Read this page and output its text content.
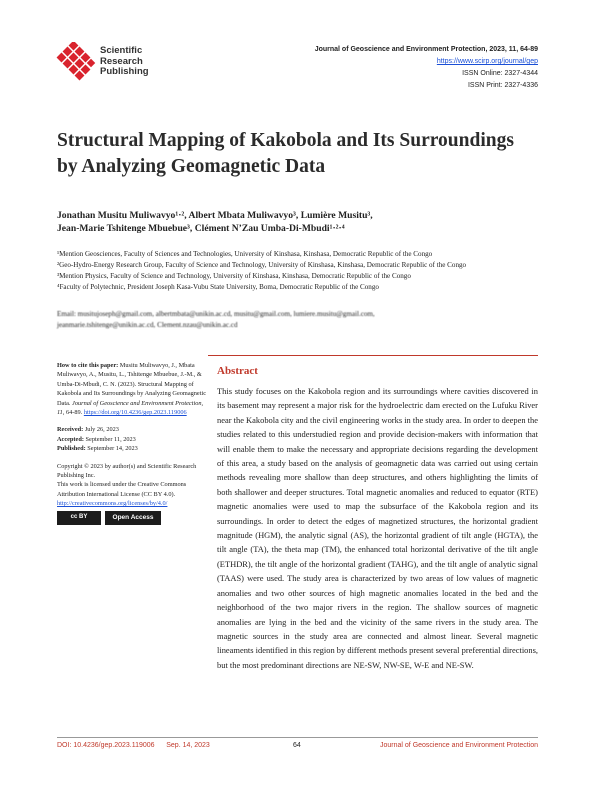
Scientific
Research
Publishing
Journal of Geoscience and Environment Protection, 2023, 11, 64-89
https://www.scirp.org/journal/gep
ISSN Online: 2327-4344
ISSN Print: 2327-4336
Structural Mapping of Kakobola and Its Surroundings by Analyzing Geomagnetic Data
Jonathan Musitu Muliwavyo¹·², Albert Mbata Muliwavyo³, Lumière Musitu³,
Jean-Marie Tshitenge Mbuebue³, Clément N’Zau Umba-Di-Mbudi¹·²·⁴
¹Mention Geosciences, Faculty of Sciences and Technologies, University of Kinshasa, Kinshasa, Democratic Republic of the Congo
²Geo-Hydro-Energy Research Group, Faculty of Science and Technology, University of Kinshasa, Kinshasa, Democratic Republic of the Congo
³Mention Physics, Faculty of Science and Technology, University of Kinshasa, Kinshasa, Democratic Republic of the Congo
⁴Faculty of Polytechnic, President Joseph Kasa-Vubu State University, Boma, Democratic Republic of the Congo
Email: musitujoseph@gmail.com, albertmbata@unikin.ac.cd, musitu@gmail.com, lumiere.musitu@gmail.com,
jeanmarie.tshitenge@unikin.ac.cd, Clement.nzau@unikin.ac.cd
How to cite this paper: Musitu Muliwavyo, J., Mbata Muliwavyo, A., Musitu, L., Tshitenge Mbuebue, J.-M., & Umba-Di-Mbudi, C. N. (2023). Structural Mapping of Kakobola and Its Surroundings by Analyzing Geomagnetic Data. Journal of Geoscience and Environment Protection, 11, 64-89. https://doi.org/10.4236/gep.2023.119006
Received: July 26, 2023
Accepted: September 11, 2023
Published: September 14, 2023
Copyright © 2023 by author(s) and Scientific Research Publishing Inc.
This work is licensed under the Creative Commons Attribution International License (CC BY 4.0).
http://creativecommons.org/licenses/by/4.0/
cc BY	Open Access
Abstract
This study focuses on the Kakobola region and its surroundings where cavities discovered in its basement may represent a major risk for the hydroelectric dam erected on the Lufuku River near the Kakobola city and the civil engineering works in the study area. In order to deepen the studies related to this understudied region and provide decision-makers with information that will enable them to make the necessary and appropriate decisions regarding the development of this area, a study based on the analysis of geomagnetic data was carried out using certain methods revealing more shallow than deep structures, and others highlighting the limits of both shallower and deeper structures. Total magnetic anomalies and reduced to equator (RTE) magnetic anomalies were used to map the subsurface of the Kakobola region and its surroundings. In order to detect the edges of magnetized structures, the horizontal gradient magnitude (HGM), the analytic signal (AS), the horizontal gradient of tilt angle (HGTA), the tilt angle (TA), the theta map (TM), the enhanced total horizontal derivative of the tilt angle (ETHDR), the tilt angle of the horizontal gradient (TAHG), and the tilt angle of analytic signal (TAAS) were used. The study area is characterized by two areas of low values of magnetic anomalies and two other sources of high magnetic anomalies located in the bed and the neighborhood of the two major rivers in the region. The shallow sources of magnetic anomalies are lying in the bed and the vicinity of the same rivers in the study area. The magnetic sources in the study area are connected and almost linear. Several magnetic lineaments identified in this region by different methods present several preferential directions, but the most predominant directions are NE-SW, NW-SE, W-E and NE-SW.
DOI: 10.4236/gep.2023.119006 Sep. 14, 2023	64	Journal of Geoscience and Environment Protection
